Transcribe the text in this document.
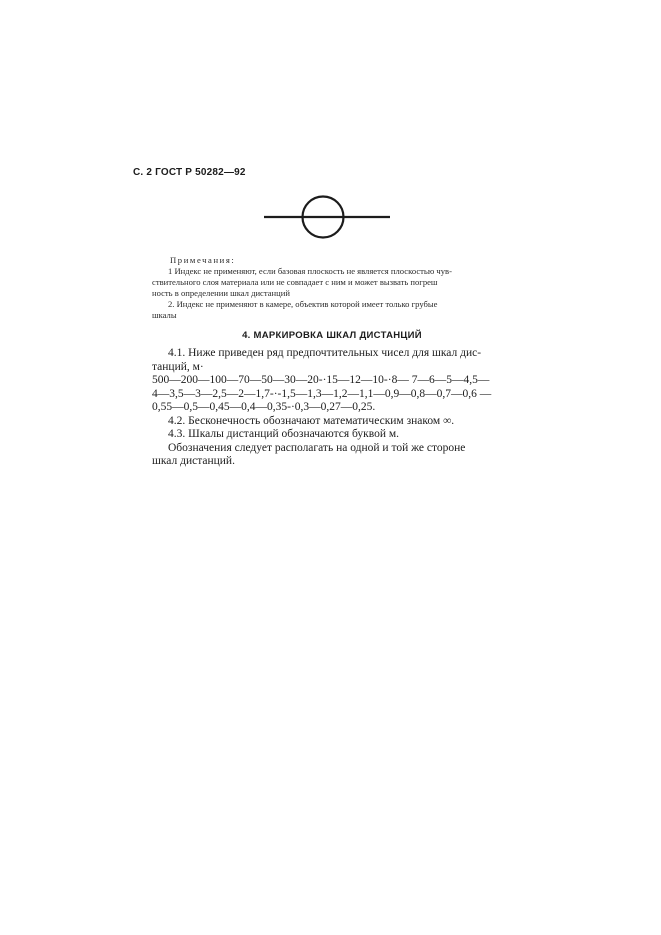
С. 2 ГОСТ Р 50282—92
Примечания:
1 Индекс не применяют, если базовая плоскость не является плоскостью чув-
ствительного слоя материала или не совпадает с ним и может вызвать погреш
ность в определении шкал дистанций
2. Индекс не применяют в камере, объектив которой имеет только грубые
шкалы
4. МАРКИРОВКА ШКАЛ ДИСТАНЦИЙ
4.1. Ниже приведен ряд предпочтительных чисел для шкал дис-
танций, м·
500—200—100—70—50—30—20-·15—12—10-·8— 7—6—5—4,5—
4—3,5—3—2,5—2—1,7-·-1,5—1,3—1,2—1,1—0,9—0,8—0,7—0,6 —
0,55—0,5—0,45—0,4—0,35-·0,3—0,27—0,25.
4.2. Бесконечность обозначают математическим знаком ∞.
4.3. Шкалы дистанций обозначаются буквой м.
Обозначения следует располагать на одной и той же стороне
шкал дистанций.
